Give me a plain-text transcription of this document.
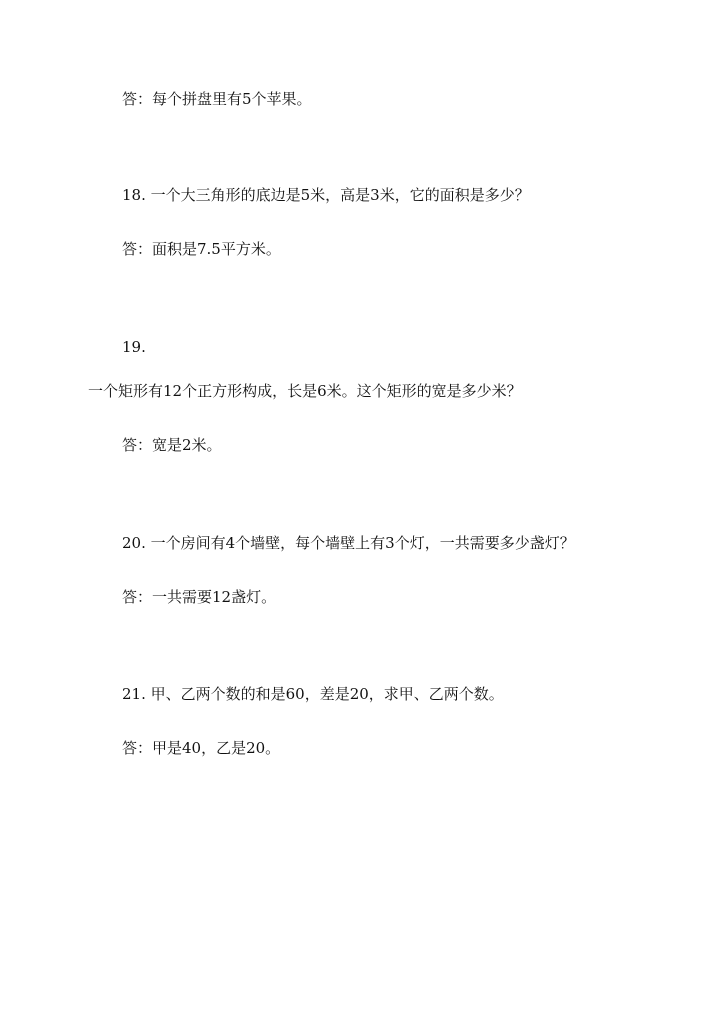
答：每个拼盘里有5个苹果。
18. 一个大三角形的底边是5米，高是3米，它的面积是多少？
答：面积是7.5平方米。
19.
一个矩形有12个正方形构成，长是6米。这个矩形的宽是多少米？
答：宽是2米。
20. 一个房间有4个墙壁，每个墙壁上有3个灯，一共需要多少盏灯？
答：一共需要12盏灯。
21. 甲、乙两个数的和是60，差是20，求甲、乙两个数。
答：甲是40，乙是20。
